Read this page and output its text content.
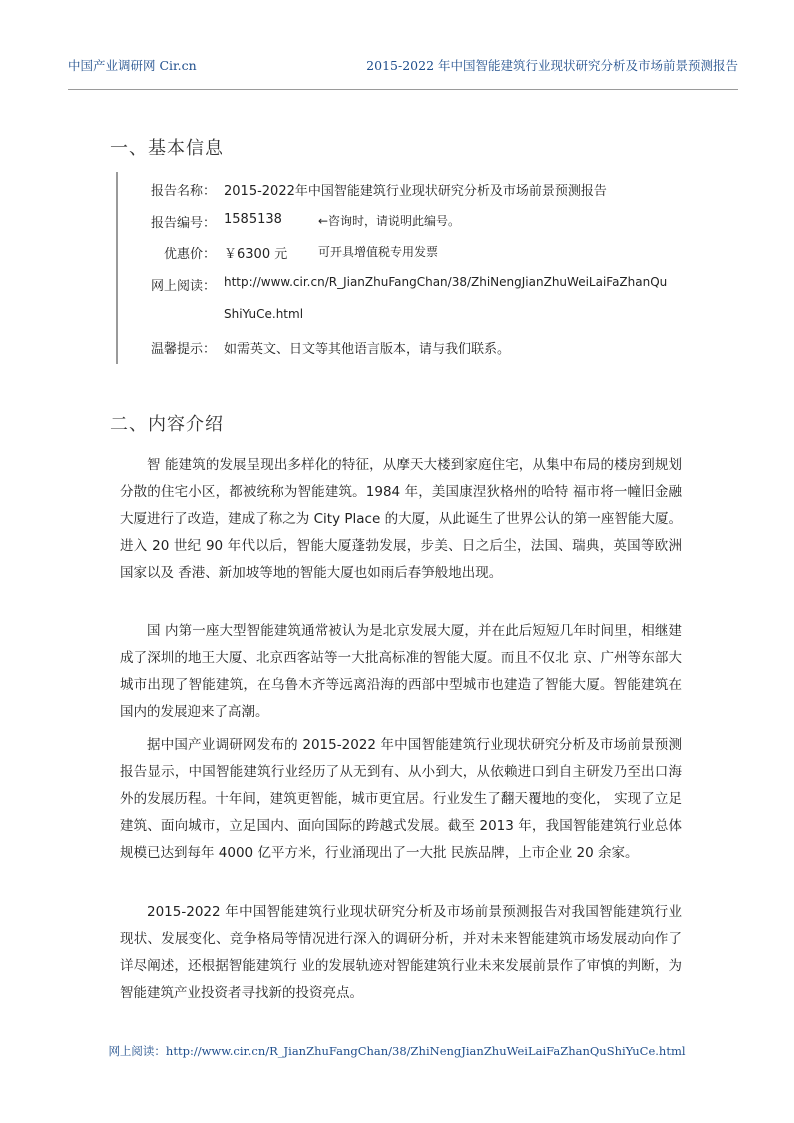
中国产业调研网 Cir.cn	2015-2022 年中国智能建筑行业现状研究分析及市场前景预测报告
一、基本信息
报告名称： 2015-2022年中国智能建筑行业现状研究分析及市场前景预测报告
报告编号： 1585138	←咨询时，请说明此编号。
优惠价： ￥6300 元	可开具增值税专用发票
网上阅读： http://www.cir.cn/R_JianZhuFangChan/38/ZhiNengJianZhuWeiLaiFaZhanQu
ShiYuCe.html
温馨提示： 如需英文、日文等其他语言版本，请与我们联系。
二、内容介绍

智 能建筑的发展呈现出多样化的特征，从摩天大楼到家庭住宅，从集中布局的楼房到规划分散的住宅小区，都被统称为智能建筑。1984 年，美国康涅狄格州的哈特 福市将一幢旧金融大厦进行了改造，建成了称之为 City Place 的大厦，从此诞生了世界公认的第一座智能大厦。进入 20 世纪 90 年代以后，智能大厦蓬勃发展，步美、日之后尘，法国、瑞典，英国等欧洲国家以及 香港、新加坡等地的智能大厦也如雨后春笋般地出现。

国 内第一座大型智能建筑通常被认为是北京发展大厦，并在此后短短几年时间里，相继建成了深圳的地王大厦、北京西客站等一大批高标准的智能大厦。而且不仅北 京、广州等东部大城市出现了智能建筑，在乌鲁木齐等远离沿海的西部中型城市也建造了智能大厦。智能建筑在国内的发展迎来了高潮。

据中国产业调研网发布的 2015-2022 年中国智能建筑行业现状研究分析及市场前景预测报告显示，中国智能建筑行业经历了从无到有、从小到大，从依赖进口到自主研发乃至出口海外的发展历程。十年间，建筑更智能，城市更宜居。行业发生了翻天覆地的变化， 实现了立足建筑、面向城市，立足国内、面向国际的跨越式发展。截至 2013 年，我国智能建筑行业总体规模已达到每年 4000 亿平方米，行业涌现出了一大批 民族品牌，上市企业 20 余家。

2015-2022 年中国智能建筑行业现状研究分析及市场前景预测报告对我国智能建筑行业现状、发展变化、竞争格局等情况进行深入的调研分析，并对未来智能建筑市场发展动向作了详尽阐述，还根据智能建筑行 业的发展轨迹对智能建筑行业未来发展前景作了审慎的判断，为智能建筑产业投资者寻找新的投资亮点。

网上阅读：http://www.cir.cn/R_JianZhuFangChan/38/ZhiNengJianZhuWeiLaiFaZhanQuShiYuCe.html
